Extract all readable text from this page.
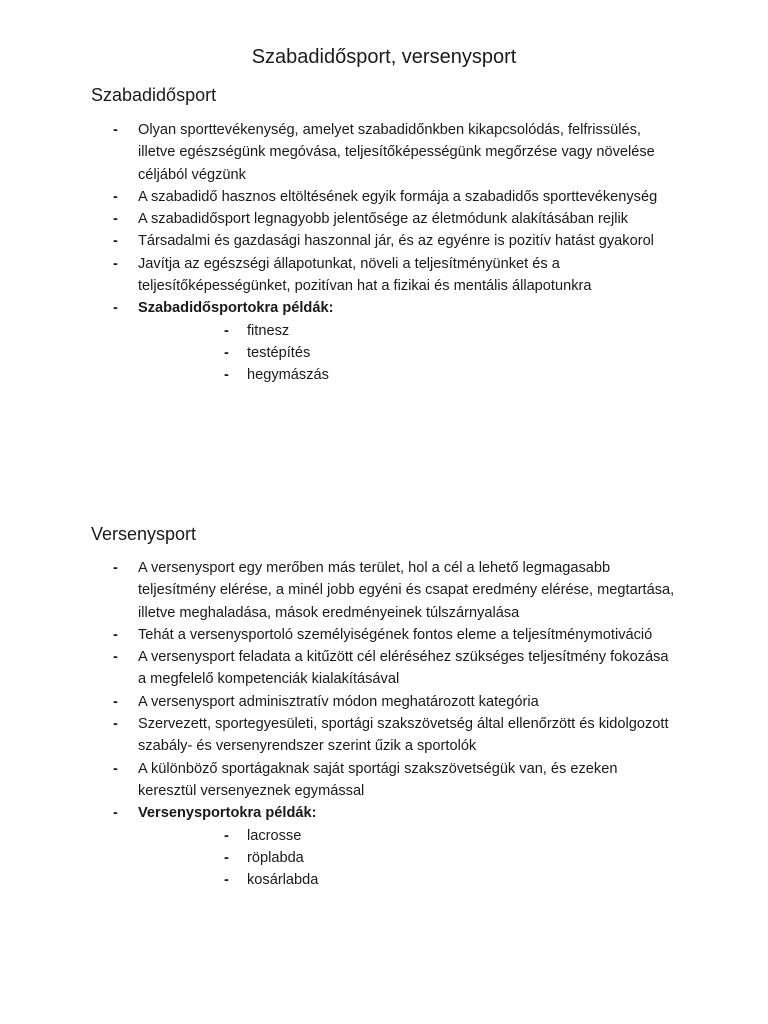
Szabadidősport, versenysport
Szabadidősport
- Olyan sporttevékenység, amelyet szabadidőnkben kikapcsolódás, felfrissülés, illetve egészségünk megóvása, teljesítőképességünk megőrzése vagy növelése céljából végzünk
- A szabadidő hasznos eltöltésének egyik formája a szabadidős sporttevékenység
- A szabadidősport legnagyobb jelentősége az életmódunk alakításában rejlik
- Társadalmi és gazdasági haszonnal jár, és az egyénre is pozitív hatást gyakorol
- Javítja az egészségi állapotunkat, növeli a teljesítményünket és a teljesítőképességünket, pozitívan hat a fizikai és mentális állapotunkra
- Szabadidősportokra példák:
- fitnesz
- testépítés
- hegymászás
Versenysport
- A versenysport egy merőben más terület, hol a cél a lehető legmagasabb teljesítmény elérése, a minél jobb egyéni és csapat eredmény elérése, megtartása, illetve meghaladása, mások eredményeinek túlszárnyalása
- Tehát a versenysportoló személyiségének fontos eleme a teljesítménymotiváció
- A versenysport feladata a kitűzött cél eléréséhez szükséges teljesítmény fokozása a megfelelő kompetenciák kialakításával
- A versenysport adminisztratív módon meghatározott kategória
- Szervezett, sportegyesületi, sportági szakszövetség által ellenőrzött és kidolgozott szabály- és versenyrendszer szerint űzik a sportolók
- A különböző sportágaknak saját sportági szakszövetségük van, és ezeken keresztül versenyeznek egymással
- Versenysportokra példák:
- lacrosse
- röplabda
- kosárlabda
